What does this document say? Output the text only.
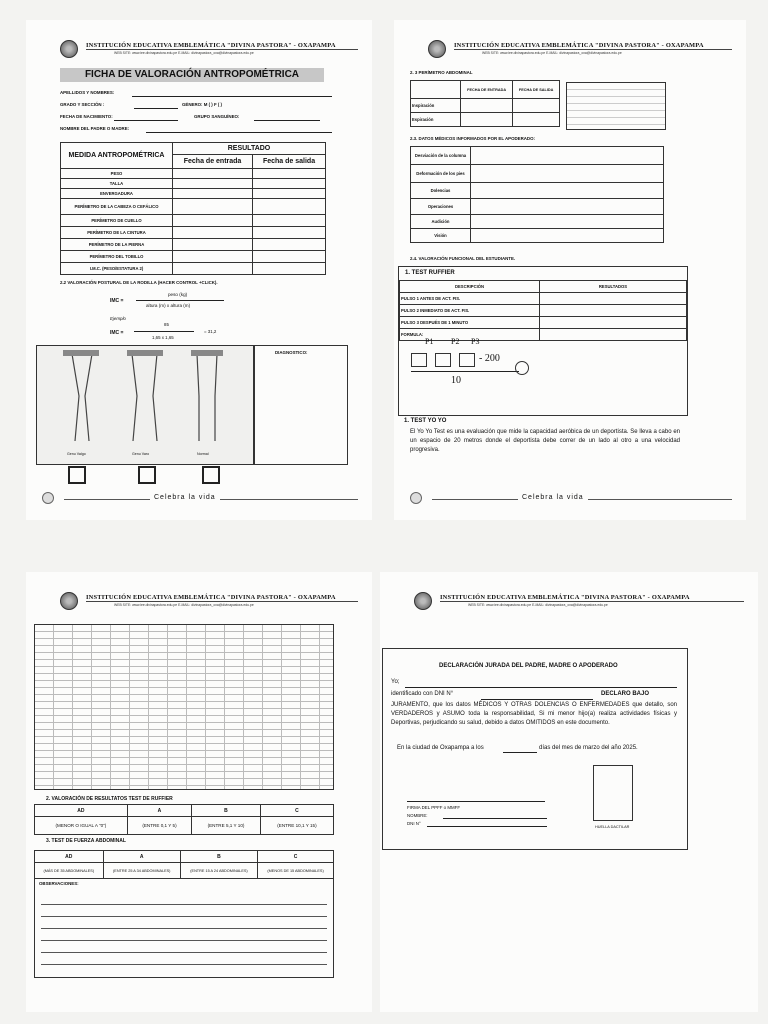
INSTITUCIÓN EDUCATIVA EMBLEMÁTICA "DIVINA PASTORA" - OXAPAMPA
WEB SITE: www.iee.divinapastora.edu.pe E-MAIL: divinapastora_oxa@divinapastora.edu.pe
FICHA DE VALORACIÓN ANTROPOMÉTRICA
APELLIDOS Y NOMBRES:
GRADO Y SECCIÓN :	GÉNERO: M ( ) F ( )
FECHA DE NACIMIENTO:	GRUPO SANGUÍNEO:
NOMBRE DEL PADRE O MADRE:
MEDIDA ANTROPOMÉTRICA	RESULTADO	
	Fecha de entrada	Fecha de salida
PESO		
TALLA		
ENVERGADURA		
PERÍMETRO DE LA CABEZA O CEFÁLICO		
PERÍMETRO DE CUELLO		
PERÍMETRO DE LA CINTURA		
PERÍMETRO DE LA PIERNA		
PERÍMETRO DEL TOBILLO		
I.M.C. (PESO/ESTATURA 2)		
2.2 VALORACIÓN POSTURAL DE LA RODILLA (HACER CONTROL +CLICK).
IMC =
peso (kg)
altura (m) x altura (m)
Ejemplo
IMC =
85
1,65 x 1,65
= 31,2
Genu Valgo	Genu Varo	Normal
DIAGNOSTICO:
Celebra la vida
INSTITUCIÓN EDUCATIVA EMBLEMÁTICA "DIVINA PASTORA" - OXAPAMPA
WEB SITE: www.iee.divinapastora.edu.pe E-MAIL: divinapastora_oxa@divinapastora.edu.pe
2. 3 PERÍMETRO ABDOMINAL
	FECHA DE ENTRADA	FECHA DE SALIDA
Inspiración		
Espiración		
2.3. DATOS MÉDICOS INFORMADOS POR EL APODERADO:
Desviación de la columna	
Deformación de los pies	
Dolencias	
Operaciones	
Audición	
Visión	
2.4. VALORACIÓN FUNCIONAL DEL ESTUDIANTE.
1. TEST RUFFIER
DESCRIPCIÓN	RESULTADOS
PULSO 1 ANTES DE ACT. FIS.	
PULSO 2 INMEDIATO DE ACT. FIS.	
PULSO 3 DESPUÉS DE 1 MINUTO	
FORMULA:	
P1 P2 P3
- 200
10
1. TEST YO YO
El Yo Yo Test es una evaluación que mide la capacidad aeróbica de un deportista. Se lleva a cabo en un espacio de 20 metros donde el deportista debe correr de un lado al otro a una velocidad progresiva.
Celebra la vida
INSTITUCIÓN EDUCATIVA EMBLEMÁTICA "DIVINA PASTORA" - OXAPAMPA
WEB SITE: www.iee.divinapastora.edu.pe E-MAIL: divinapastora_oxa@divinapastora.edu.pe
2. VALORACIÓN DE RESULTATOS TEST DE RUFFIER
AD	A	B	C
(MENOR O IGUAL A "0")	(ENTRE 0,1 Y 5)	(ENTRE 5,1 Y 10)	(ENTRE 10,1 Y 15)
3. TEST DE FUERZA ABDOMINAL
AD	A	B	C
(MÁS DE 35 ABDOMINALES)	(ENTRE 25 A 34 ABDOMINALES)	(ENTRE 15 A 24 ABDOMINALES)	(MENOS DE 15 ABDOMINALES)
OBSERVACIONES:
INSTITUCIÓN EDUCATIVA EMBLEMÁTICA "DIVINA PASTORA" - OXAPAMPA
WEB SITE: www.iee.divinapastora.edu.pe E-MAIL: divinapastora_oxa@divinapastora.edu.pe
DECLARACIÓN JURADA DEL PADRE, MADRE O APODERADO
Yo;
identificado con DNI N°	DECLARO BAJO
JURAMENTO, que los datos MÉDICOS Y OTRAS DOLENCIAS O ENFERMEDADES que detallo, son VERDADEROS y ASUMO toda la responsabilidad, Si mi menor hijo(a) realiza actividades físicas y Deportivas, perjudicando su salud, debido a datos OMITIDOS en este documento.
En la ciudad de Oxapampa a los	días del mes de marzo del año 2025.
FIRMA DEL PPFF o MMFF
NOMBRE:
DNI N°
HUELLA DACTILAR
